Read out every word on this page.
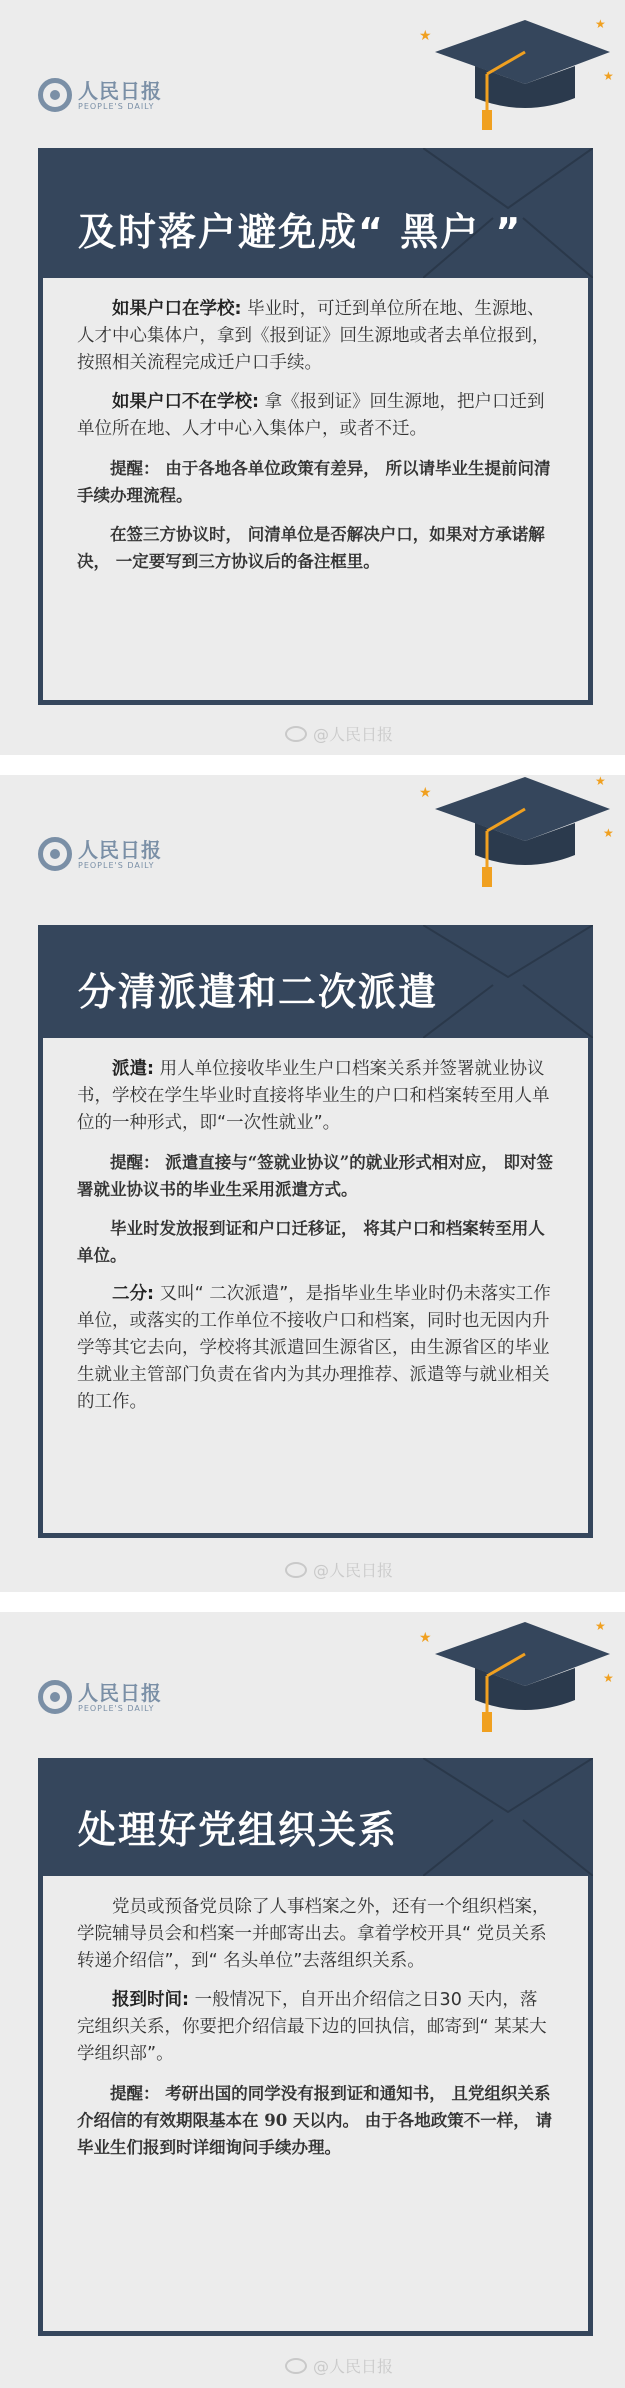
人民日报
PEOPLE'S DAILY
★
★
★
及时落户避免成“ 黑户 ”

如果户口在学校: 毕业时，可迁到单位所在地、生源地、人才中心集体户，拿到《报到证》回生源地或者去单位报到，按照相关流程完成迁户口手续。

如果户口不在学校: 拿《报到证》回生源地，把户口迁到单位所在地、人才中心入集体户，或者不迁。

提醒： 由于各地各单位政策有差异， 所以请毕业生提前问清手续办理流程。

在签三方协议时， 问清单位是否解决户口，如果对方承诺解决， 一定要写到三方协议后的备注框里。

@人民日报
人民日报
PEOPLE'S DAILY
★
★
★
分清派遣和二次派遣

派遣: 用人单位接收毕业生户口档案关系并签署就业协议书，学校在学生毕业时直接将毕业生的户口和档案转至用人单位的一种形式，即“一次性就业”。

提醒： 派遣直接与“签就业协议”的就业形式相对应， 即对签署就业协议书的毕业生采用派遣方式。

毕业时发放报到证和户口迁移证， 将其户口和档案转至用人单位。

二分: 又叫“ 二次派遣”，是指毕业生毕业时仍未落实工作单位，或落实的工作单位不接收户口和档案，同时也无因内升学等其它去向，学校将其派遣回生源省区，由生源省区的毕业生就业主管部门负责在省内为其办理推荐、派遣等与就业相关的工作。

@人民日报
人民日报
PEOPLE'S DAILY
★
★
★
处理好党组织关系

党员或预备党员除了人事档案之外，还有一个组织档案，学院辅导员会和档案一并邮寄出去。拿着学校开具“ 党员关系转递介绍信”，到“ 名头单位”去落组织关系。

报到时间: 一般情况下，自开出介绍信之日30 天内，落完组织关系，你要把介绍信最下边的回执信，邮寄到“ 某某大学组织部”。

提醒： 考研出国的同学没有报到证和通知书， 且党组织关系介绍信的有效期限基本在 90 天以内。 由于各地政策不一样， 请毕业生们报到时详细询问手续办理。

@人民日报
